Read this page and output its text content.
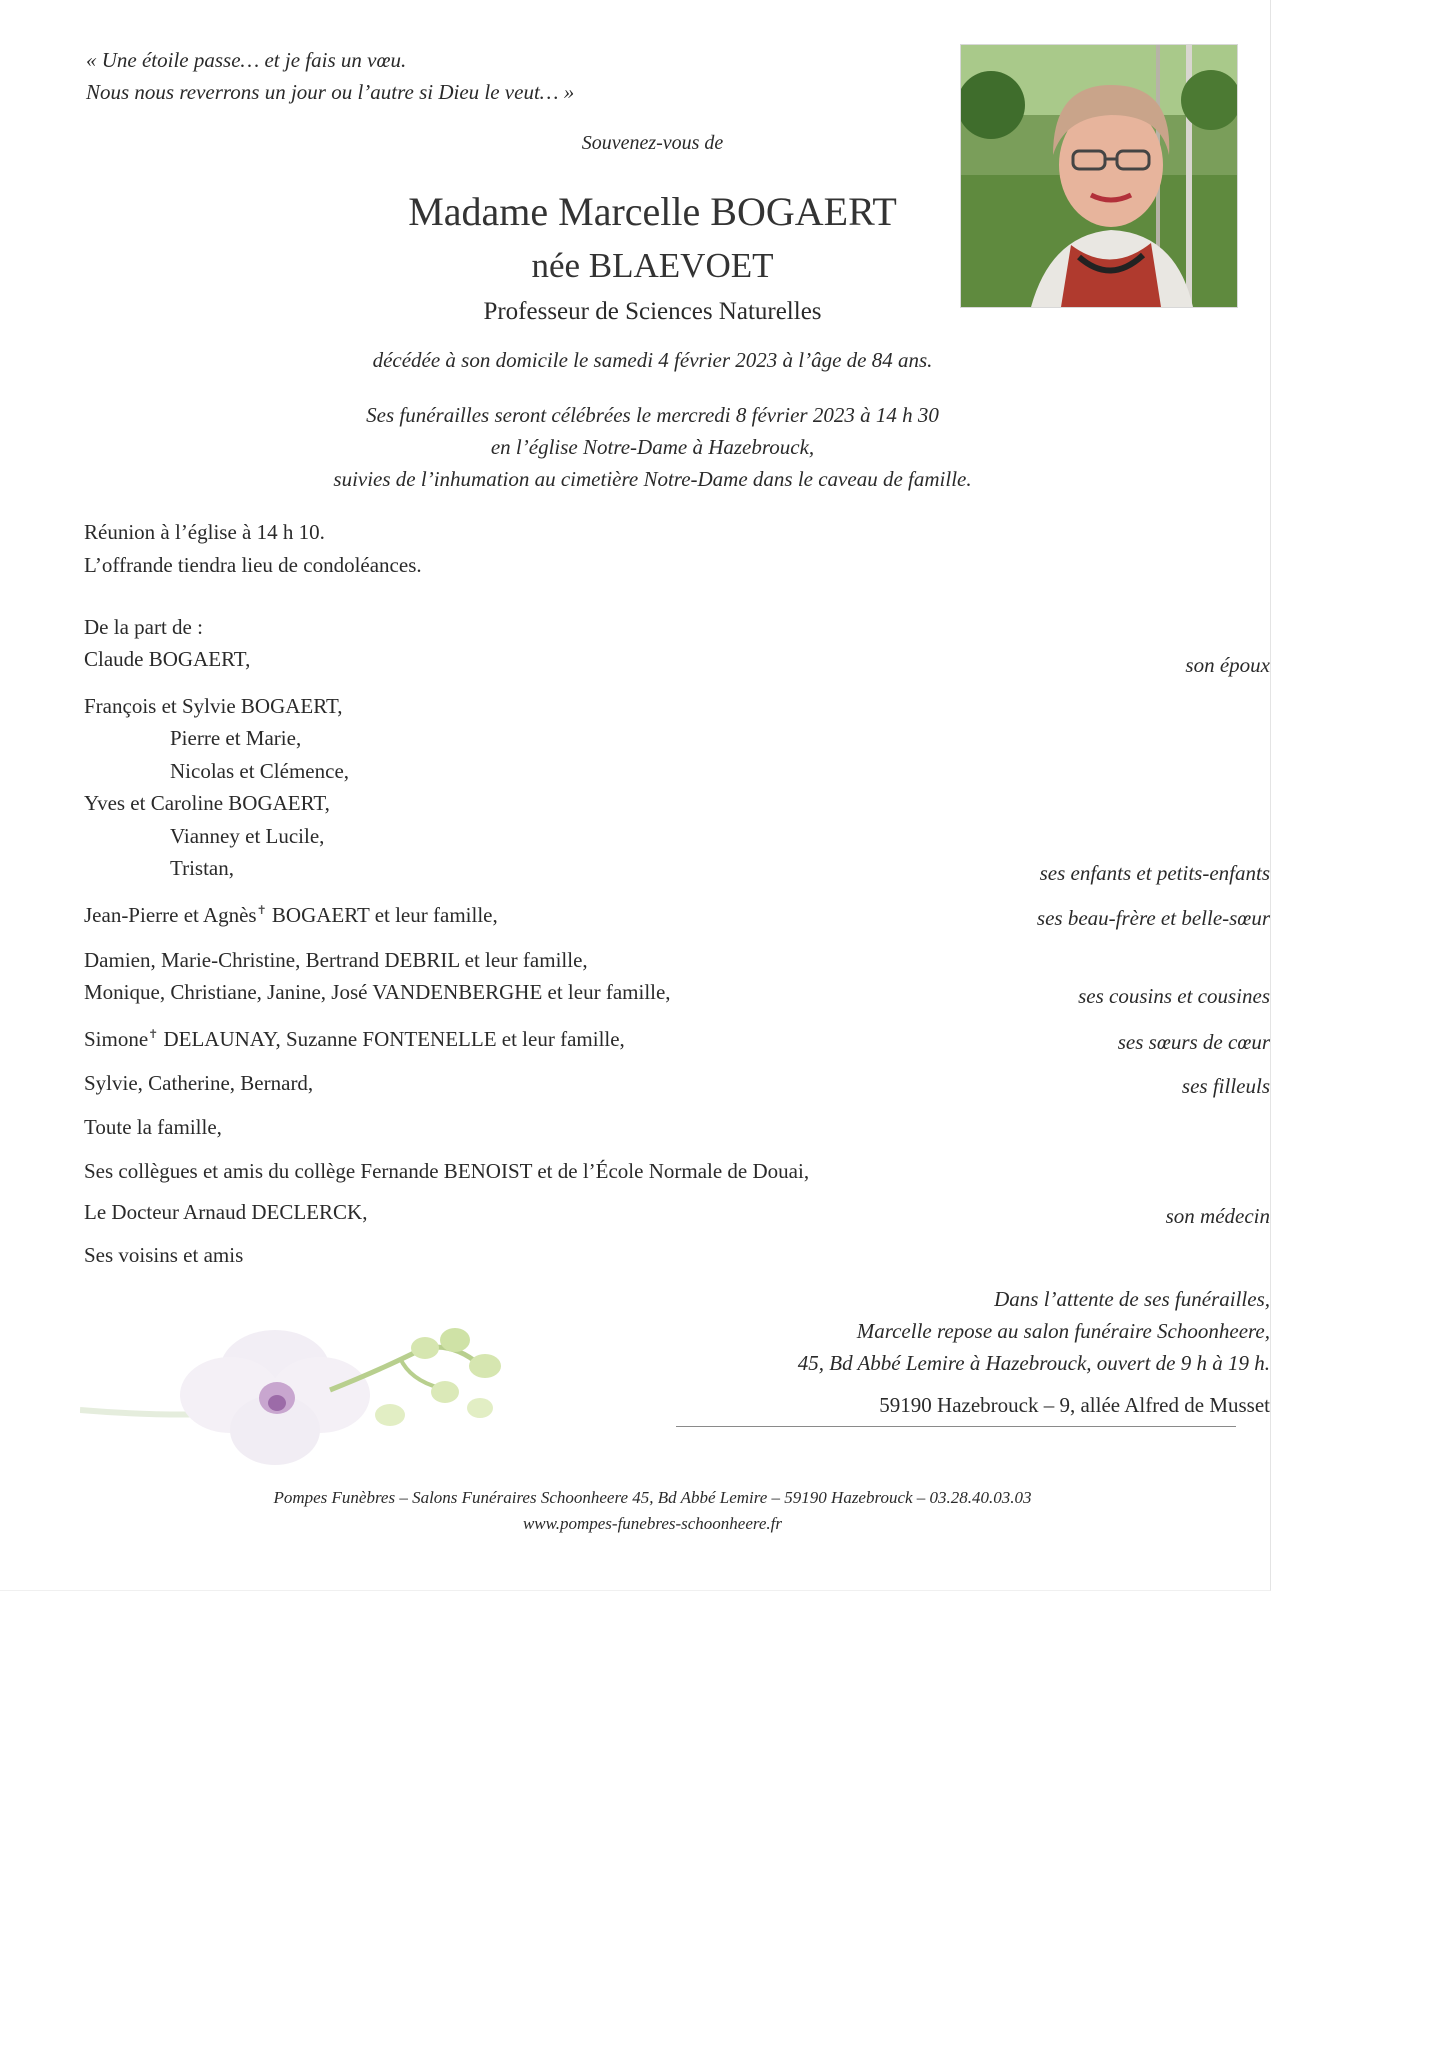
« Une étoile passe… et je fais un vœu.
Nous nous reverrons un jour ou l’autre si Dieu le veut… »
Souvenez-vous de
Madame Marcelle BOGAERT
née BLAEVOET
Professeur de Sciences Naturelles
décédée à son domicile le samedi 4 février 2023 à l’âge de 84 ans.
Ses funérailles seront célébrées le mercredi 8 février 2023 à 14 h 30
en l’église Notre-Dame à Hazebrouck,
suivies de l’inhumation au cimetière Notre-Dame dans le caveau de famille.
Réunion à l’église à 14 h 10.
L’offrande tiendra lieu de condoléances.
De la part de :
Claude BOGAERT,	son époux
François et Sylvie BOGAERT,
Pierre et Marie,
Nicolas et Clémence,
Yves et Caroline BOGAERT,
Vianney et Lucile,
Tristan,	ses enfants et petits-enfants
Jean-Pierre et Agnès✝ BOGAERT et leur famille,	ses beau-frère et belle-sœur
Damien, Marie-Christine, Bertrand DEBRIL et leur famille,
Monique, Christiane, Janine, José VANDENBERGHE et leur famille,	ses cousins et cousines
Simone✝ DELAUNAY, Suzanne FONTENELLE et leur famille,	ses sœurs de cœur
Sylvie, Catherine, Bernard,	ses filleuls
Toute la famille,
Ses collègues et amis du collège Fernande BENOIST et de l’École Normale de Douai,
Le Docteur Arnaud DECLERCK,	son médecin
Ses voisins et amis
Dans l’attente de ses funérailles,
Marcelle repose au salon funéraire Schoonheere,
45, Bd Abbé Lemire à Hazebrouck, ouvert de 9 h à 19 h.
59190 Hazebrouck – 9, allée Alfred de Musset
Pompes Funèbres – Salons Funéraires Schoonheere 45, Bd Abbé Lemire – 59190 Hazebrouck – 03.28.40.03.03
www.pompes-funebres-schoonheere.fr
